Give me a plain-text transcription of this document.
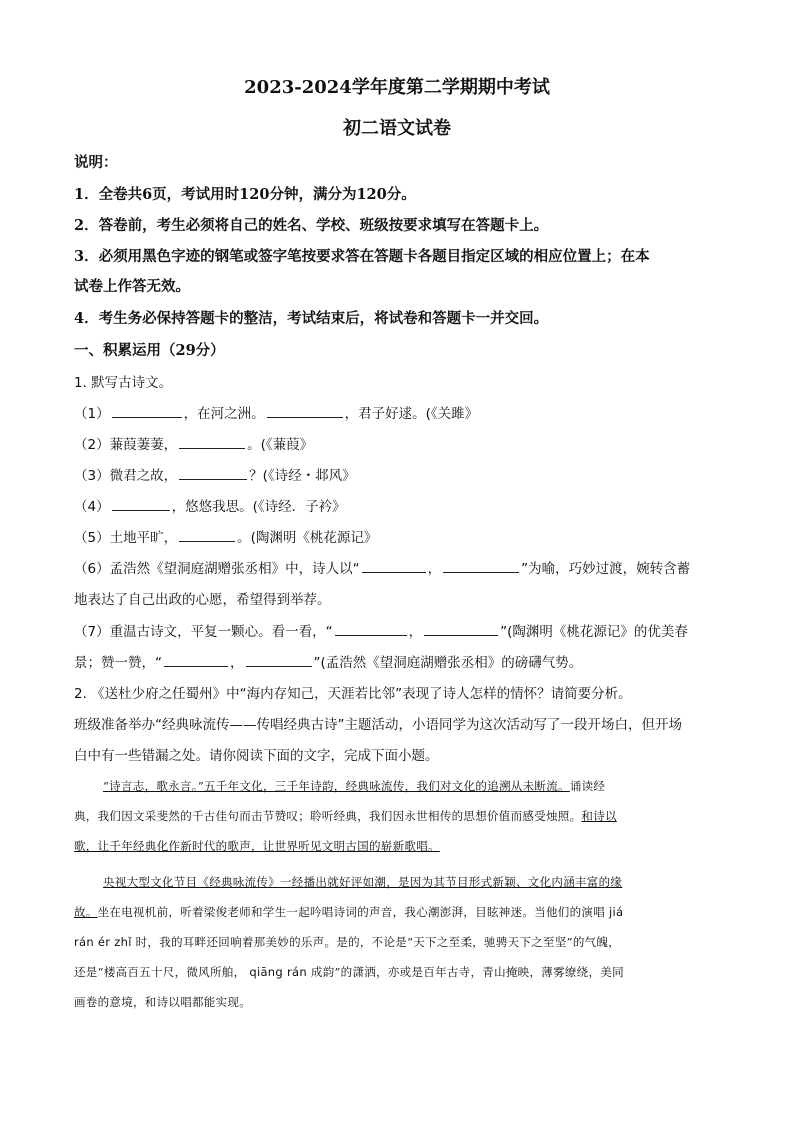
2023-2024学年度第二学期期中考试
初二语文试卷
说明：
1．全卷共6页，考试用时120分钟，满分为120分。
2．答卷前，考生必须将自己的姓名、学校、班级按要求填写在答题卡上。
3．必须用黑色字迹的钢笔或签字笔按要求答在答题卡各题目指定区域的相应位置上；在本
试卷上作答无效。
4．考生务必保持答题卡的整洁，考试结束后，将试卷和答题卡一并交回。
一、积累运用（29分）
1. 默写古诗文。
（1）	，在河之洲。	，君子好逑。(《关雎》
（2）蒹葭萋萋，	。(《蒹葭》
（3）微君之故，	？(《诗经・邶风》
（4）	，悠悠我思。(《诗经．子衿》
（5）土地平旷，	。(陶渊明《桃花源记》
（6）孟浩然《望洞庭湖赠张丞相》中，诗人以“	，	”为喻，巧妙过渡，婉转含蓄
地表达了自己出政的心愿，希望得到举荐。
（7）重温古诗文，平复一颗心。看一看，“	，	”(陶渊明《桃花源记》的优美春
景；赞一赞，“	，	”(孟浩然《望洞庭湖赠张丞相》的磅礴气势。
2. 《送杜少府之任蜀州》中“海内存知己，天涯若比邻”表现了诗人怎样的情怀？请简要分析。
班级准备举办“经典咏流传——传唱经典古诗”主题活动，小语同学为这次活动写了一段开场白，但开场
白中有一些错漏之处。请你阅读下面的文字，完成下面小题。
“诗言志，歌永言。”五千年文化，三千年诗韵，经典咏流传，我们对文化的追溯从未断流。诵读经
典，我们因文采斐然的千古佳句而击节赞叹；聆听经典，我们因永世相传的思想价值而感受烛照。和诗以
歌，让千年经典化作新时代的歌声，让世界听见文明古国的崭新歌唱。
央视大型文化节目《经典咏流传》一经播出就好评如潮，是因为其节目形式新颖、文化内涵丰富的缘
故。坐在电视机前，听着梁俊老师和学生一起吟唱诗词的声音，我心潮澎湃，目眩神迷。当他们的演唱 jiá
rán ér zhǐ 时，我的耳畔还回响着那美妙的乐声。是的，不论是“天下之至柔，驰骋天下之至坚”的气魄，
还是“楼高百五十尺，微风所舶， qiāng rán 成韵”的潇洒，亦或是百年古寺，青山掩映，薄雾缭绕，美同
画卷的意境，和诗以唱都能实现。
